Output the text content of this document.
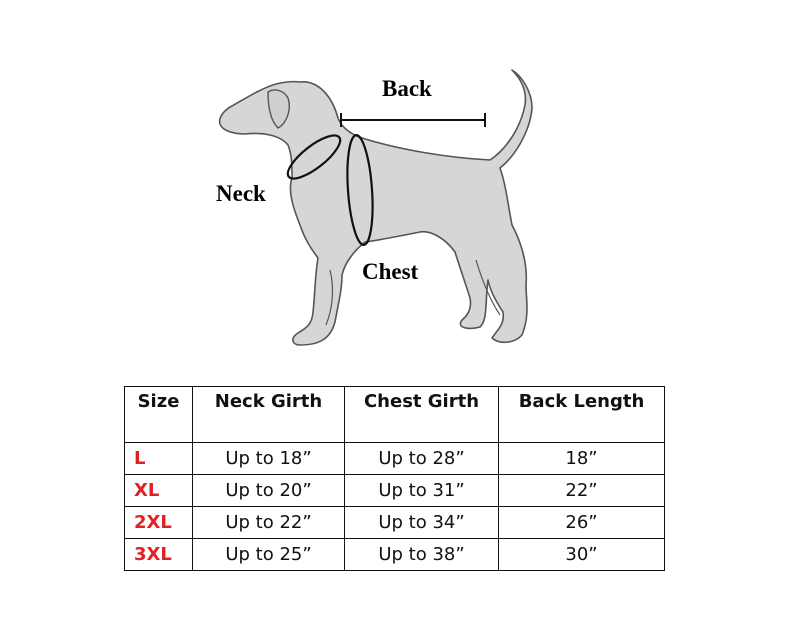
Back
Neck
Chest
Size	Neck Girth	Chest Girth	Back Length
L	Up to 18”	Up to 28”	18”
XL	Up to 20”	Up to 31”	22”
2XL	Up to 22”	Up to 34”	26”
3XL	Up to 25”	Up to 38”	30”
